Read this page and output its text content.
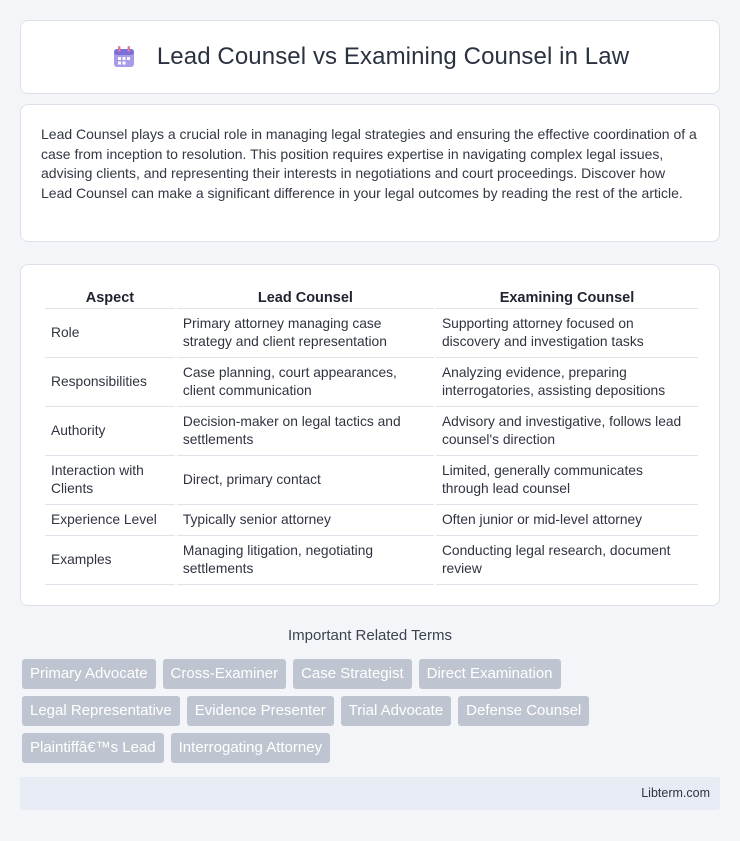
Lead Counsel vs Examining Counsel in Law

Lead Counsel plays a crucial role in managing legal strategies and ensuring the effective coordination of a case from inception to resolution. This position requires expertise in navigating complex legal issues, advising clients, and representing their interests in negotiations and court proceedings. Discover how Lead Counsel can make a significant difference in your legal outcomes by reading the rest of the article.

Aspect	Lead Counsel	Examining Counsel
Role	Primary attorney managing case strategy and client representation	Supporting attorney focused on discovery and investigation tasks
Responsibilities	Case planning, court appearances, client communication	Analyzing evidence, preparing interrogatories, assisting depositions
Authority	Decision-maker on legal tactics and settlements	Advisory and investigative, follows lead counsel's direction
Interaction with Clients	Direct, primary contact	Limited, generally communicates through lead counsel
Experience Level	Typically senior attorney	Often junior or mid-level attorney
Examples	Managing litigation, negotiating settlements	Conducting legal research, document review
Important Related Terms
Primary Advocate	Cross-Examiner	Case Strategist	Direct Examination
Legal Representative	Evidence Presenter	Trial Advocate	Defense Counsel
Plaintiffâ€™s Lead	Interrogating Attorney
Libterm.com
